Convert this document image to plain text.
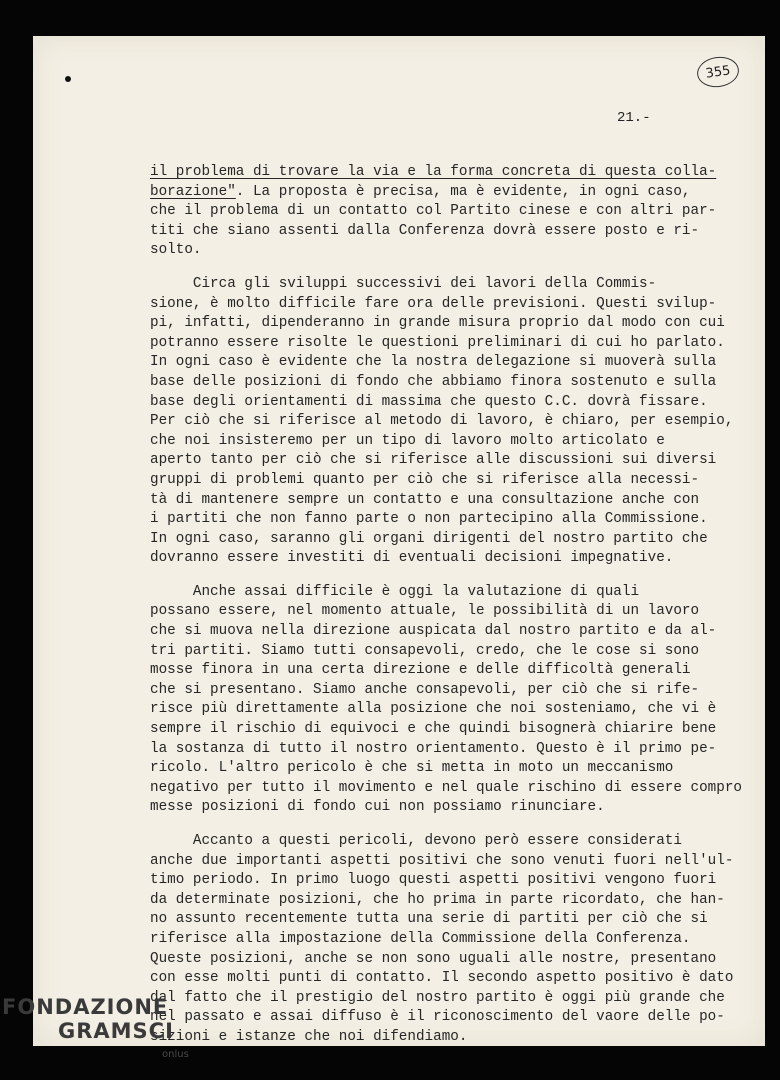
355
21.-
il problema di trovare la via e la forma concreta di questa colla-
borazione". La proposta è precisa, ma è evidente, in ogni caso,
che il problema di un contatto col Partito cinese e con altri par-
titi che siano assenti dalla Conferenza dovrà essere posto e ri-
solto.
Circa gli sviluppi successivi dei lavori della Commis-
sione, è molto difficile fare ora delle previsioni. Questi svilup-
pi, infatti, dipenderanno in grande misura proprio dal modo con cui
potranno essere risolte le questioni preliminari di cui ho parlato.
In ogni caso è evidente che la nostra delegazione si muoverà sulla
base delle posizioni di fondo che abbiamo finora sostenuto e sulla
base degli orientamenti di massima che questo C.C. dovrà fissare.
Per ciò che si riferisce al metodo di lavoro, è chiaro, per esempio,
che noi insisteremo per un tipo di lavoro molto articolato e
aperto tanto per ciò che si riferisce alle discussioni sui diversi
gruppi di problemi quanto per ciò che si riferisce alla necessi-
tà di mantenere sempre un contatto e una consultazione anche con
i partiti che non fanno parte o non partecipino alla Commissione.
In ogni caso, saranno gli organi dirigenti del nostro partito che
dovranno essere investiti di eventuali decisioni impegnative.
Anche assai difficile è oggi la valutazione di quali
possano essere, nel momento attuale, le possibilità di un lavoro
che si muova nella direzione auspicata dal nostro partito e da al-
tri partiti. Siamo tutti consapevoli, credo, che le cose si sono
mosse finora in una certa direzione e delle difficoltà generali
che si presentano. Siamo anche consapevoli, per ciò che si rife-
risce più direttamente alla posizione che noi sosteniamo, che vi è
sempre il rischio di equivoci e che quindi bisognerà chiarire bene
la sostanza di tutto il nostro orientamento. Questo è il primo pe-
ricolo. L'altro pericolo è che si metta in moto un meccanismo
negativo per tutto il movimento e nel quale rischino di essere compro
messe posizioni di fondo cui non possiamo rinunciare.
Accanto a questi pericoli, devono però essere considerati
anche due importanti aspetti positivi che sono venuti fuori nell'ul-
timo periodo. In primo luogo questi aspetti positivi vengono fuori
da determinate posizioni, che ho prima in parte ricordato, che han-
no assunto recentemente tutta una serie di partiti per ciò che si
riferisce alla impostazione della Commissione della Conferenza.
Queste posizioni, anche se non sono uguali alle nostre, presentano
con esse molti punti di contatto. Il secondo aspetto positivo è dato
dal fatto che il prestigio del nostro partito è oggi più grande che
nel passato e assai diffuso è il riconoscimento del vaore delle po-
sizioni e istanze che noi difendiamo.
FONDAZIONE
GRAMSCI
onlus
